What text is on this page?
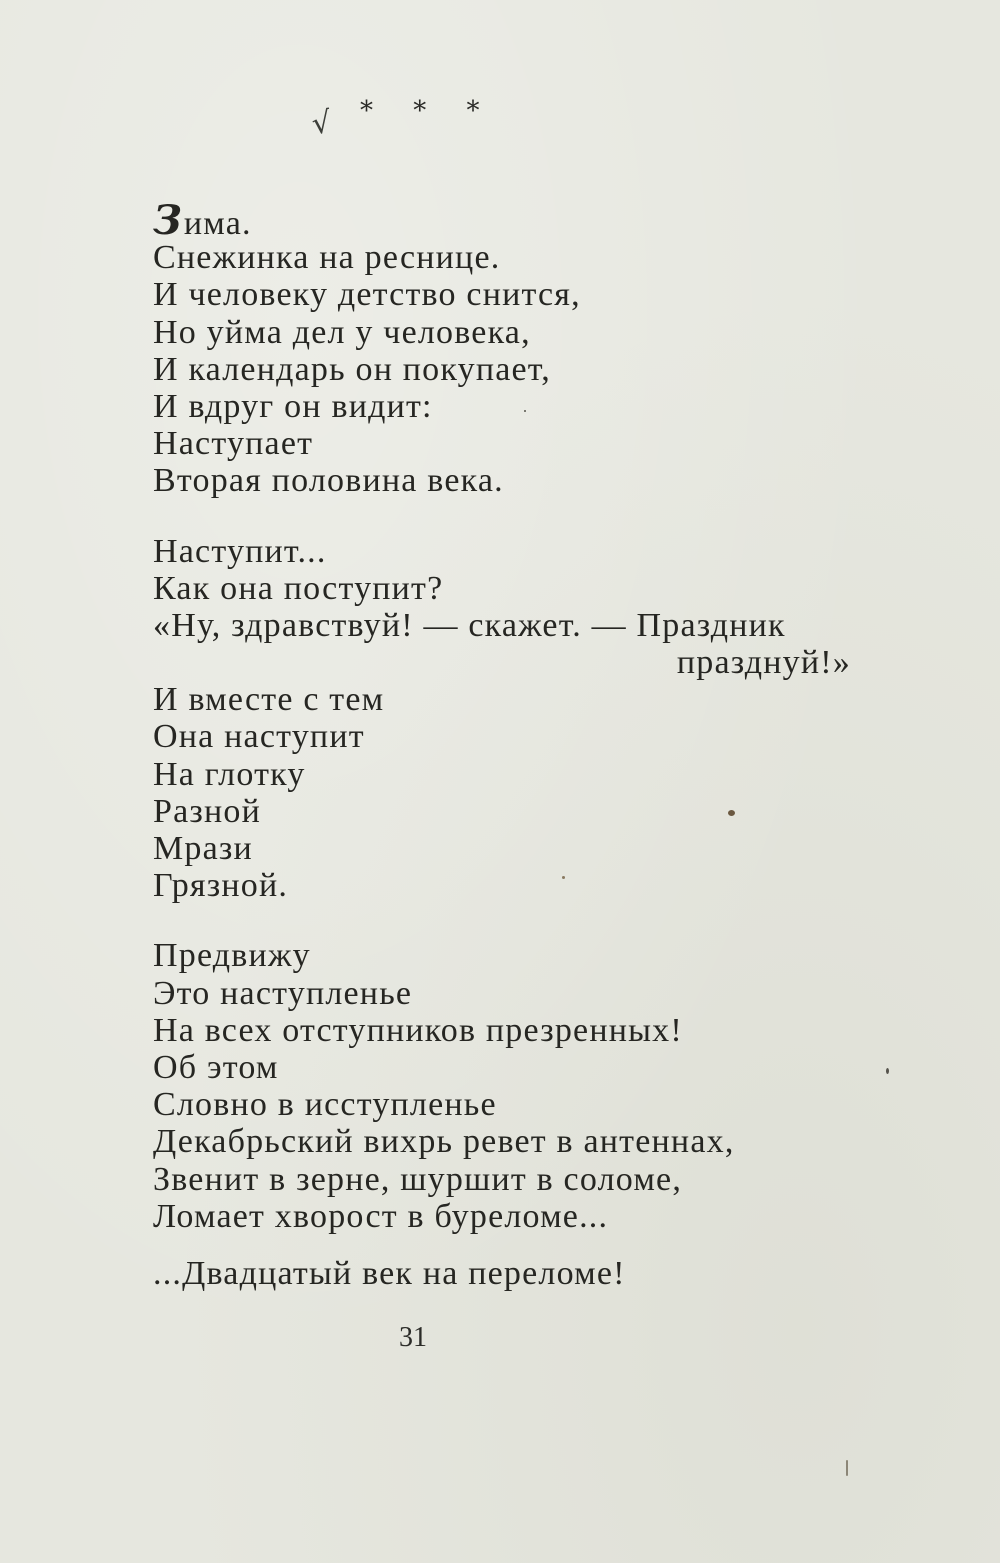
√ * * *
Зима.
Снежинка на реснице.
И человеку детство снится,
Но уйма дел у человека,
И календарь он покупает,
И вдруг он видит:
Наступает
Вторая половина века.
Наступит...
Как она поступит?
«Ну, здравствуй! — скажет. — Праздник
празднуй!»
И вместе с тем
Она наступит
На глотку
Разной
Мрази
Грязной.
Предвижу
Это наступленье
На всех отступников презренных!
Об этом
Словно в исступленье
Декабрьский вихрь ревет в антеннах,
Звенит в зерне, шуршит в соломе,
Ломает хворост в буреломе...
...Двадцатый век на переломе!
31
